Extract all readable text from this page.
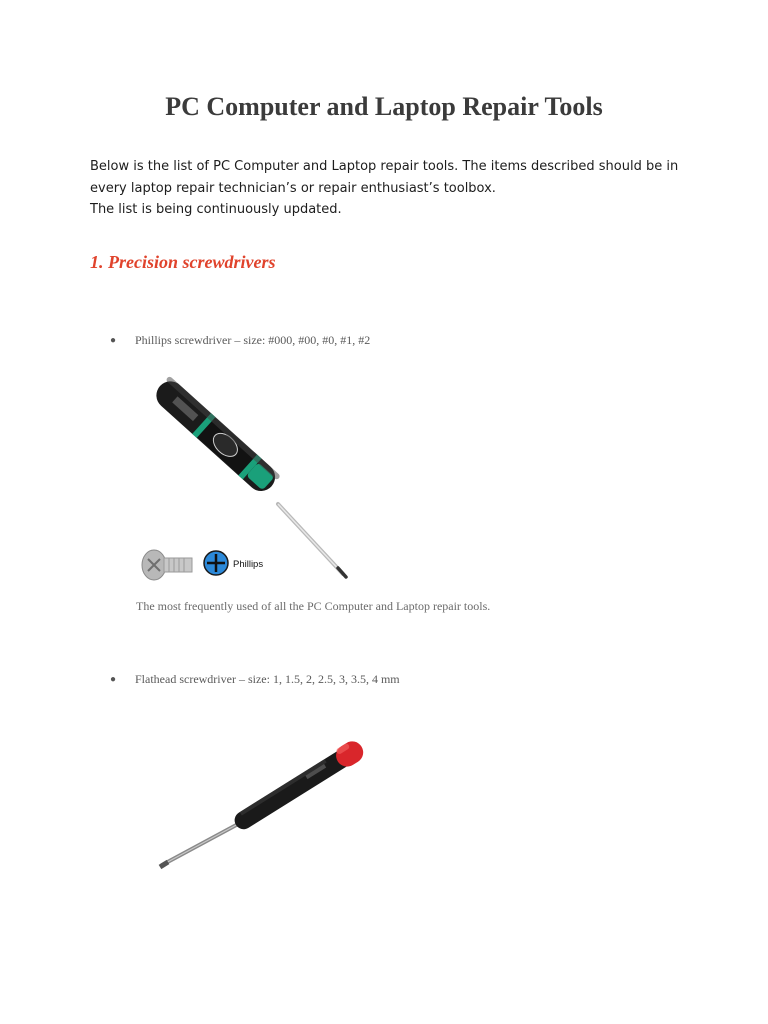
PC Computer and Laptop Repair Tools

Below is the list of PC Computer and Laptop repair tools. The items described should be in
every laptop repair technician’s or repair enthusiast’s toolbox.
The list is being continuously updated.

1. Precision screwdrivers
● Phillips screwdriver – size: #000, #00, #0, #1, #2
Phillips

The most frequently used of all the PC Computer and Laptop repair tools.

● Flathead screwdriver – size: 1, 1.5, 2, 2.5, 3, 3.5, 4 mm
